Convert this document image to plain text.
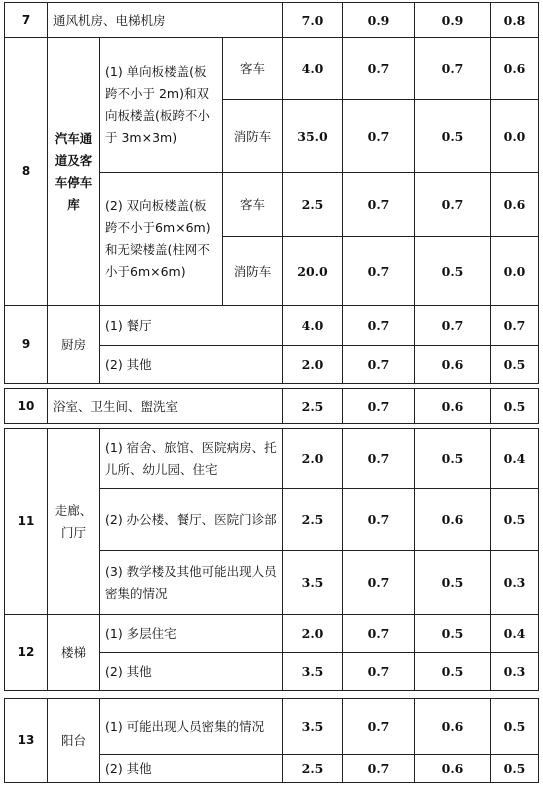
7	通风机房、电梯机房			7.0	0.9	0.9	0.8
8	汽车通道及客车停车库	(1) 单向板楼盖(板跨不小于 2m)和双向板楼盖(板跨不小于 3m×3m)	客车	4.0	0.7	0.7	0.6
			消防车	35.0	0.7	0.5	0.0
		(2) 双向板楼盖(板跨不小于6m×6m)和无梁楼盖(柱网不小于6m×6m)	客车	2.5	0.7	0.7	0.6
			消防车	20.0	0.7	0.5	0.0
9	厨房	(1) 餐厅		4.0	0.7	0.7	0.7
		(2) 其他		2.0	0.7	0.6	0.5

10	浴室、卫生间、盥洗室			2.5	0.7	0.6	0.5

11	走廊、门厅	(1) 宿舍、旅馆、医院病房、托儿所、幼儿园、住宅		2.0	0.7	0.5	0.4
		(2) 办公楼、餐厅、医院门诊部		2.5	0.7	0.6	0.5
		(3) 教学楼及其他可能出现人员密集的情况		3.5	0.7	0.5	0.3
12	楼梯	(1) 多层住宅		2.0	0.7	0.5	0.4
		(2) 其他		3.5	0.7	0.5	0.3
13	阳台	(1) 可能出现人员密集的情况	3.5	0.7	0.6	0.5
		(2) 其他	2.5	0.7	0.6	0.5
